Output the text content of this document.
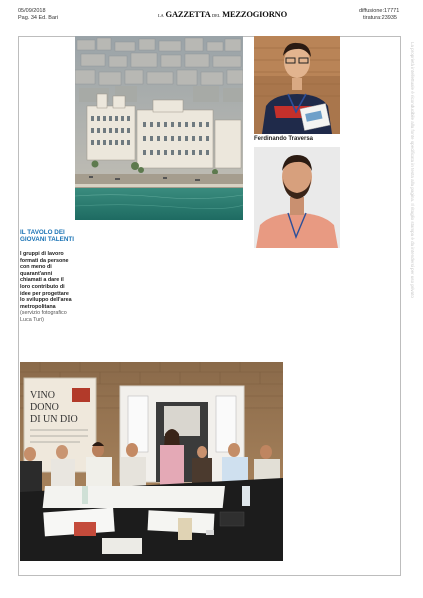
05/09/2018
Pag. 34 Ed. Bari	LA GAZZETTA DEL MEZZOGIORNO	diffusione:17771
tiratura:23935
La proprietà intellettuale è riconducibile alla fonte specificata in testa alla pagina. Il ritaglio stampa è da intendersi per uso privato
Ferdinando Traversa
IL TAVOLO DEI GIOVANI TALENTI
I gruppi di lavoro formati da persone con meno di quarant'anni chiamati a dare il loro contributo di idee per progettare lo sviluppo dell'area metropolitana (servizio fotografico Luca Turi)
VINO
DONO
DI UN DIO
